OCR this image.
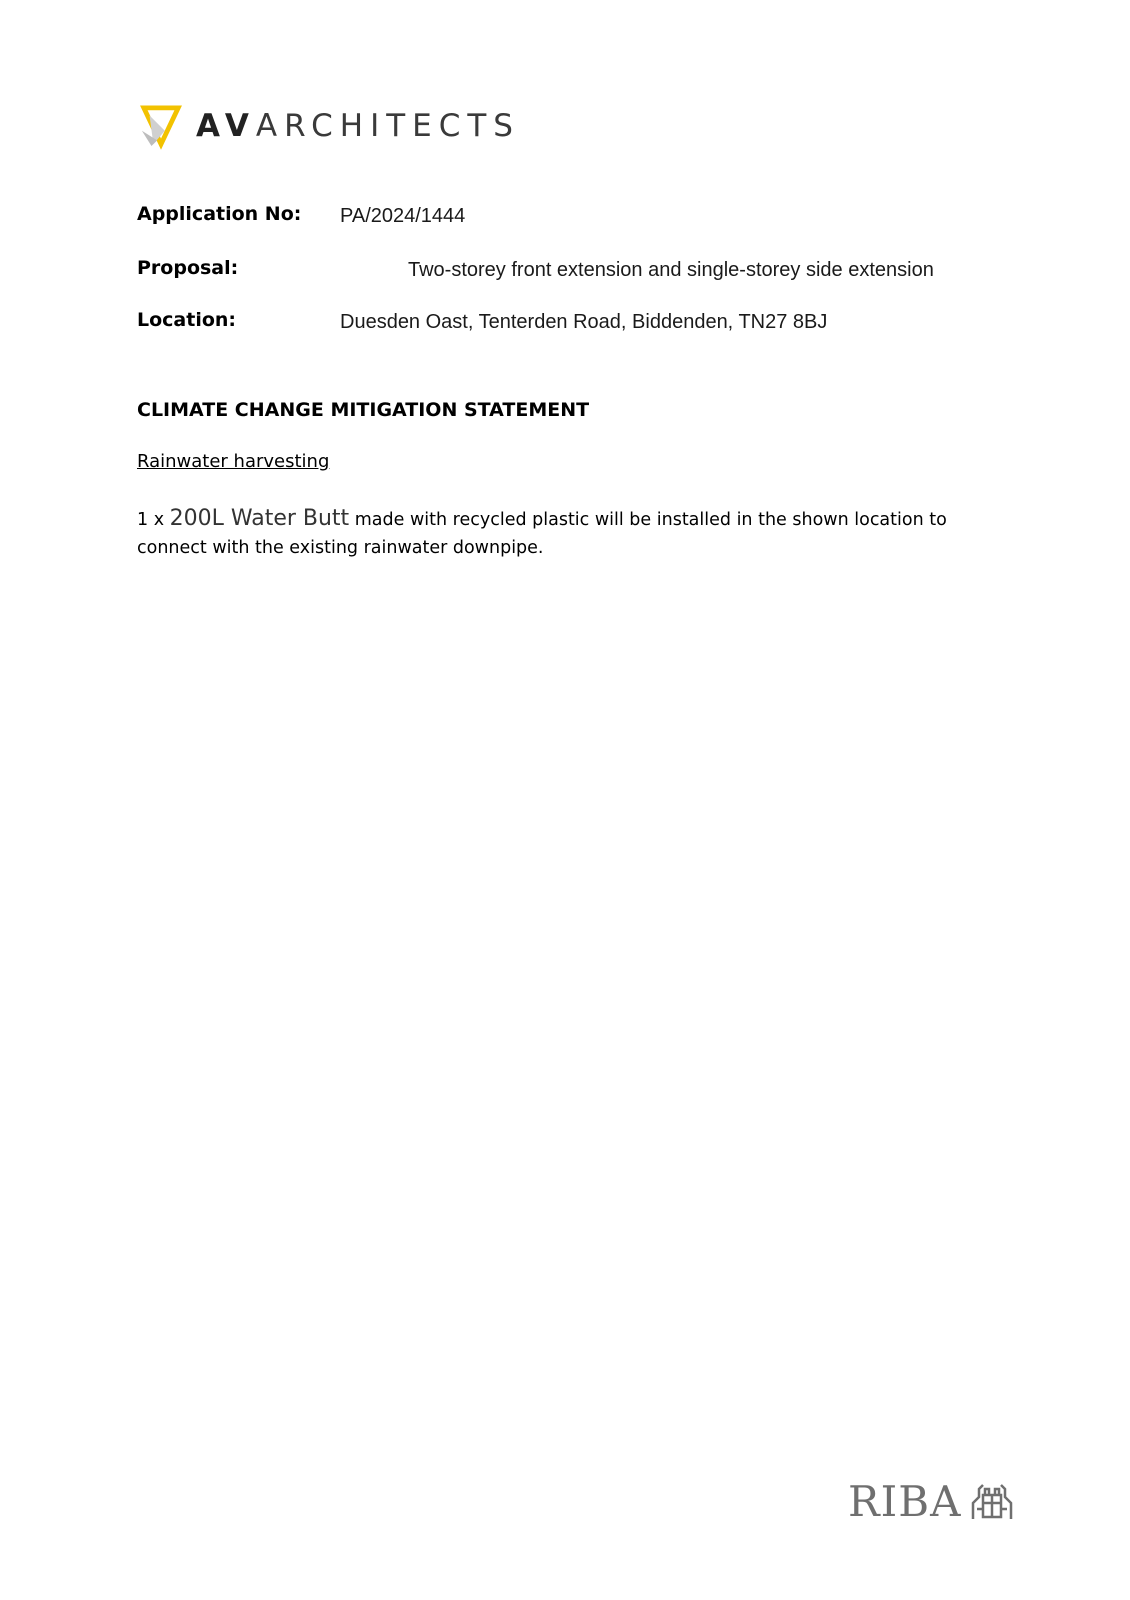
AVARCHITECTS
Application No: PA/2024/1444
Proposal:	Two-storey front extension and single-storey side extension
Location:	Duesden Oast, Tenterden Road, Biddenden, TN27 8BJ
CLIMATE CHANGE MITIGATION STATEMENT
Rainwater harvesting
1 x 200L Water Butt made with recycled plastic will be installed in the shown location to connect with the existing rainwater downpipe.
RIBA
